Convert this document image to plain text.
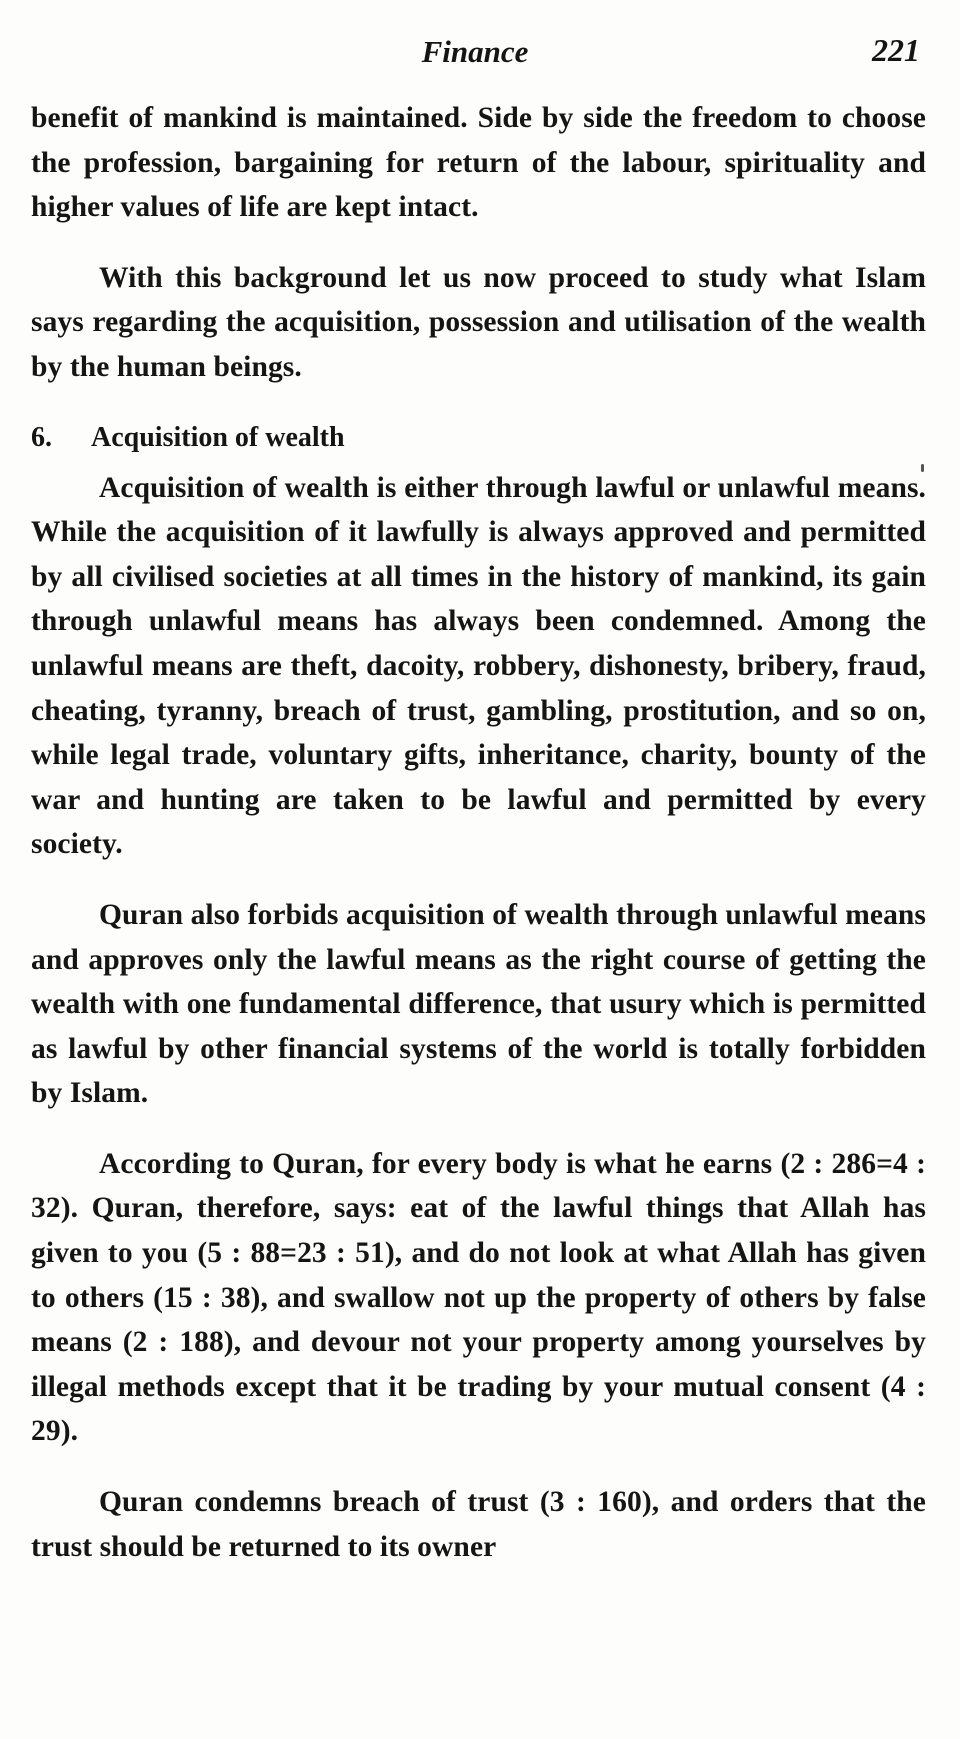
Finance	221

benefit of mankind is maintained. Side by side the freedom to choose the profession, bargaining for return of the labour, spirituality and higher values of life are kept intact.

With this background let us now proceed to study what Islam says regarding the acquisition, possession and utilisation of the wealth by the human beings.

6. Acquisition of wealth

Acquisition of wealth is either through lawful or unlawful means. While the acquisition of it lawfully is always approved and permitted by all civilised societies at all times in the history of mankind, its gain through unlawful means has always been condemned. Among the unlawful means are theft, dacoity, robbery, dishonesty, bribery, fraud, cheating, tyranny, breach of trust, gambling, prostitution, and so on, while legal trade, voluntary gifts, inheritance, charity, bounty of the war and hunting are taken to be lawful and permitted by every society.

Quran also forbids acquisition of wealth through unlawful means and approves only the lawful means as the right course of getting the wealth with one fundamental difference, that usury which is permitted as lawful by other financial systems of the world is totally forbidden by Islam.

According to Quran, for every body is what he earns (2 : 286=4 : 32). Quran, therefore, says: eat of the lawful things that Allah has given to you (5 : 88=23 : 51), and do not look at what Allah has given to others (15 : 38), and swallow not up the property of others by false means (2 : 188), and devour not your property among yourselves by illegal methods except that it be trading by your mutual consent (4 : 29).

Quran condemns breach of trust (3 : 160), and orders that the trust should be returned to its owner
